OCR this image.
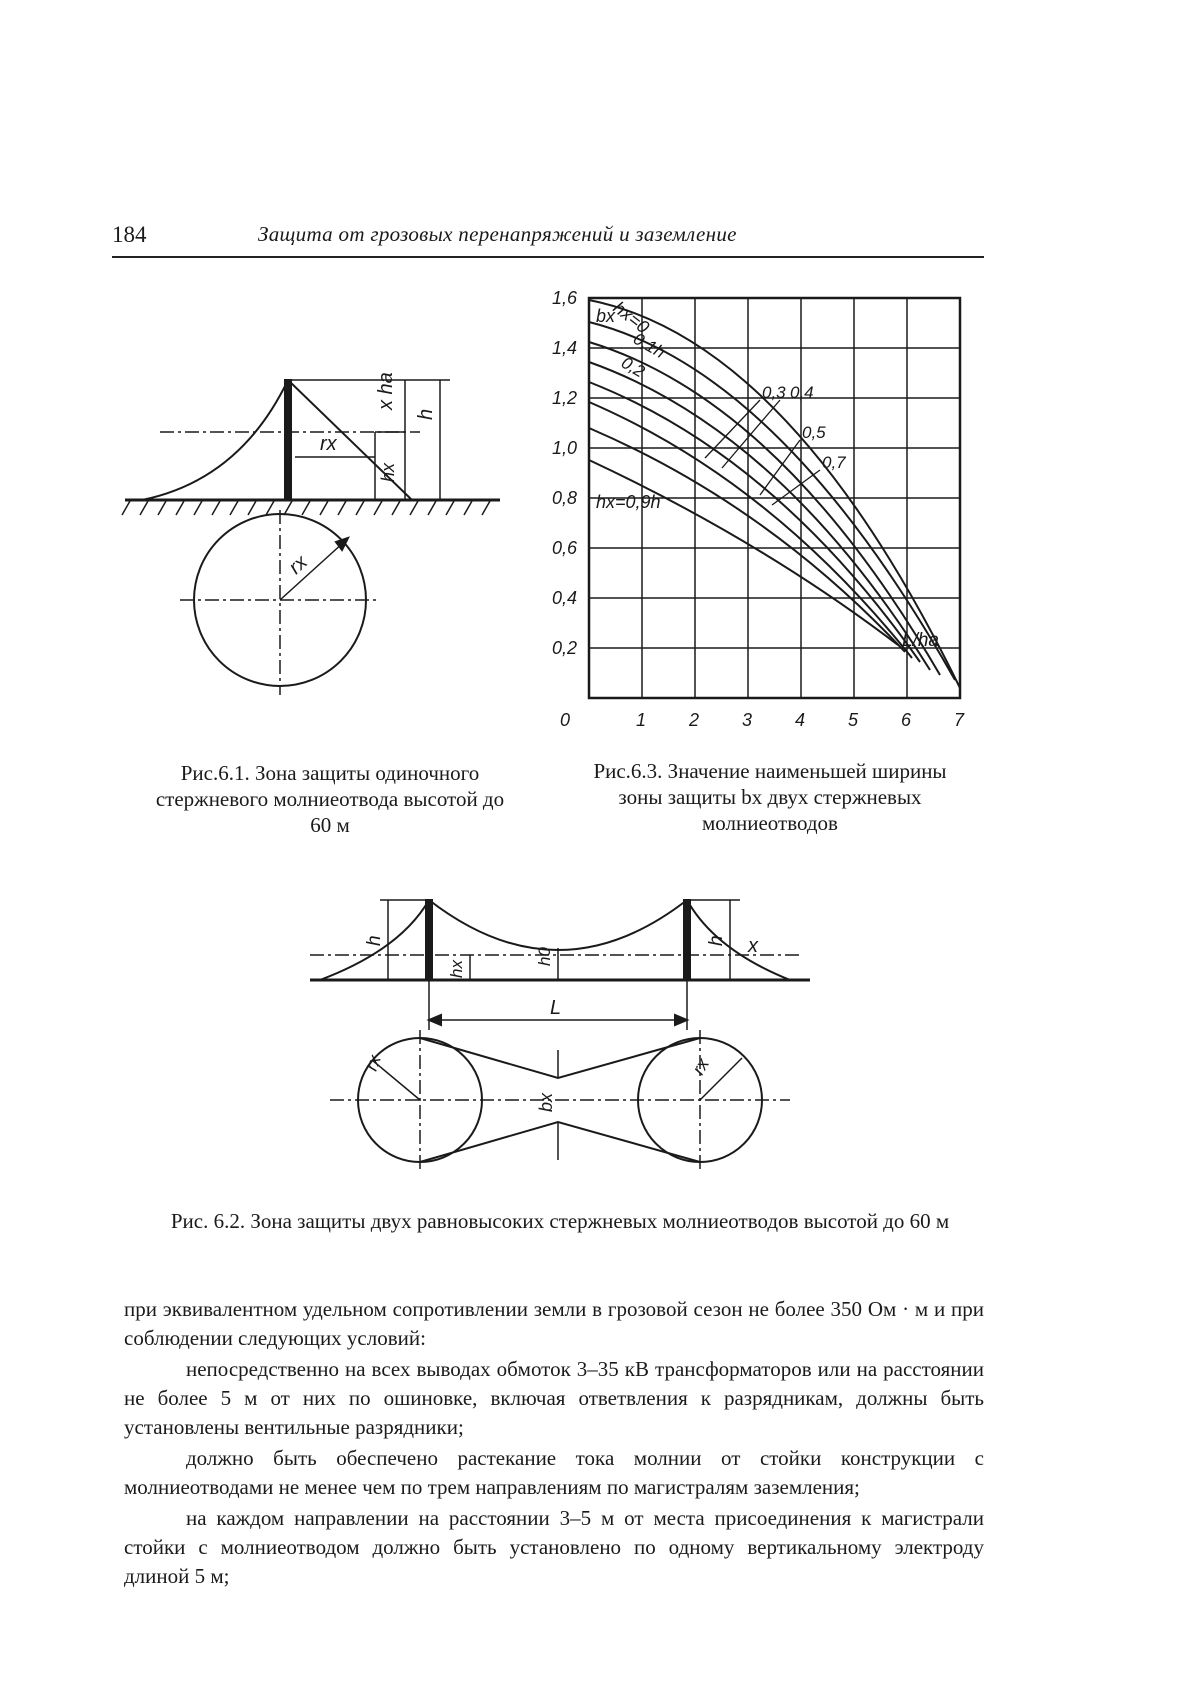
184	Защита от грозовых перенапряжений и заземление
x ha
h
rx
hx
rx
Рис.6.1. Зона защиты одиночного стержневого молниеотвода высотой до 60 м
bx
hx=0
0,1h
0,2
0,3 0,4
0,5
0,7
hx=0,9h
L/ha
1,6
1,4
1,2
1,0
0,8
0,6
0,4
0,2
0	1 2 3 4 5 6 7
Рис.6.3. Значение наименьшей ширины зоны защиты bx двух стержневых молниеотводов
h
hx
h0
h x
L
rx	rx
bx
Рис. 6.2. Зона защиты двух равновысоких стержневых молниеотводов высотой до 60 м

при эквивалентном удельном сопротивлении земли в грозовой сезон не более 350 Ом · м и при соблюдении следующих условий:

непосредственно на всех выводах обмоток 3–35 кВ трансформаторов или на расстоянии не более 5 м от них по ошиновке, включая ответвления к разрядникам, должны быть установлены вентильные разрядники;

должно быть обеспечено растекание тока молнии от стойки конструкции с молниеотводами не менее чем по трем направлениям по магистралям заземления;

на каждом направлении на расстоянии 3–5 м от места присоединения к магистрали стойки с молниеотводом должно быть установлено по одному вертикальному электроду длиной 5 м;
